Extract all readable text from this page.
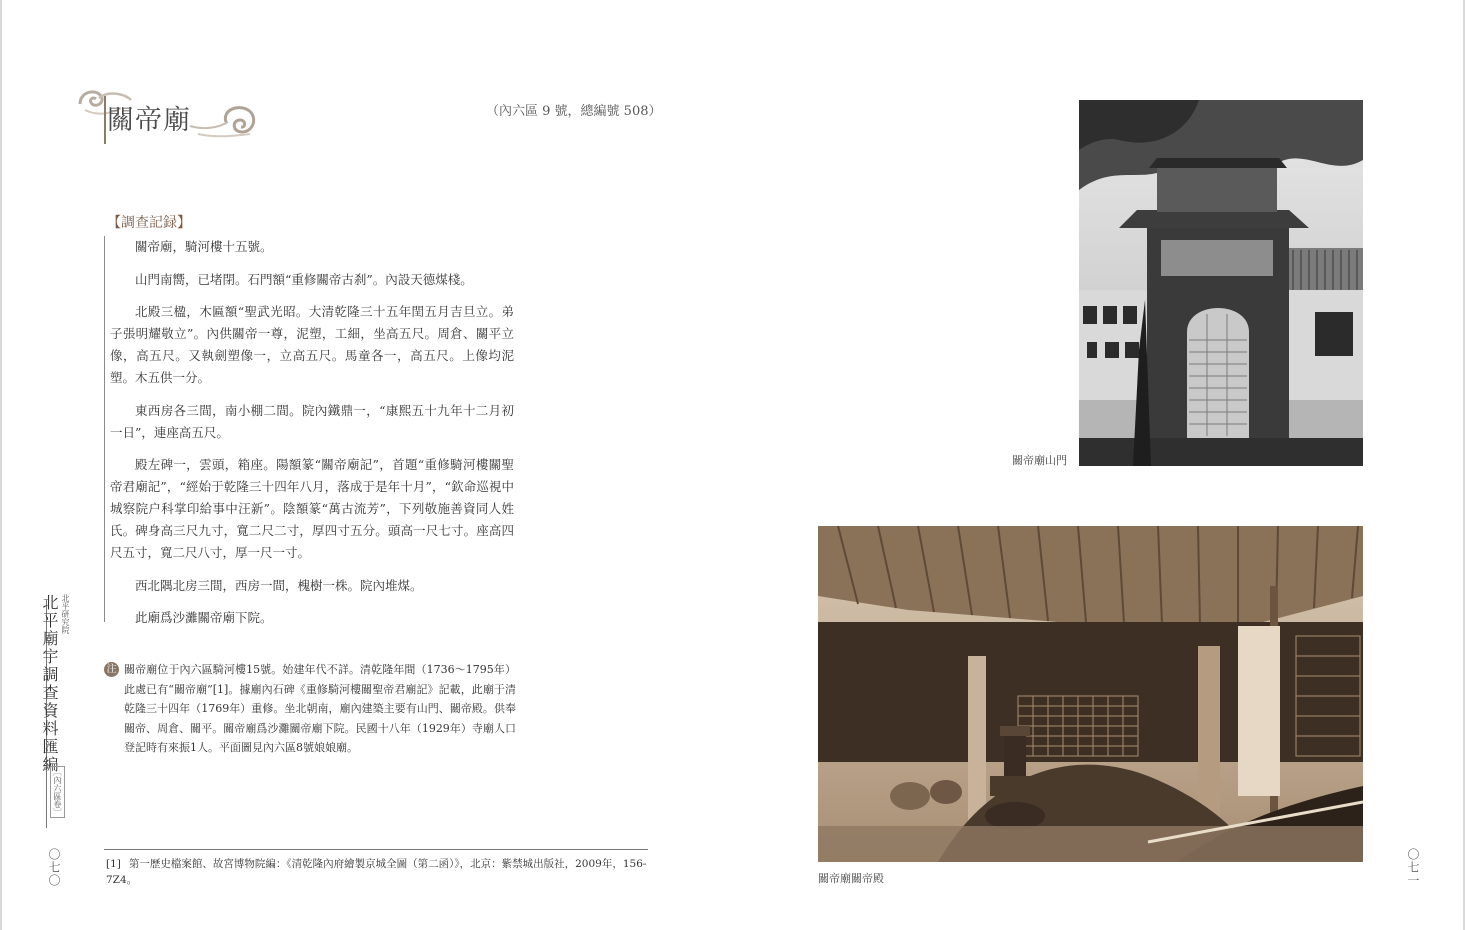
關帝廟	（內六區 9 號，總編號 508）
【調查記録】

關帝廟，騎河樓十五號。

山門南嚮，已堵閉。石門額“重修關帝古刹”。內設天德煤棧。

北殿三楹，木匾額“聖武光昭。大清乾隆三十五年閏五月吉旦立。弟子張明耀敬立”。內供關帝一尊，泥塑，工細，坐高五尺。周倉、關平立像，高五尺。又執劍塑像一，立高五尺。馬童各一，高五尺。上像均泥塑。木五供一分。

東西房各三間，南小棚二間。院內鐵鼎一，“康熙五十九年十二月初一日”，連座高五尺。

殿左碑一，雲頭，箱座。陽額篆“關帝廟記”，首題“重修騎河樓關聖帝君廟記”，“經始于乾隆三十四年八月，落成于是年十月”，“欽命巡視中城察院户科掌印給事中汪新”。陰額篆“萬古流芳”，下列敬施善資同人姓氏。碑身高三尺九寸，寬二尺二寸，厚四寸五分。頭高一尺七寸。座高四尺五寸，寬二尺八寸，厚一尺一寸。

西北隅北房三間，西房一間，槐樹一株。院內堆煤。

此廟爲沙灘關帝廟下院。

北平研究院
北平廟宇調查資料匯編
［內六區卷］
注 關帝廟位于內六區騎河樓15號。始建年代不詳。清乾隆年間（1736～1795年）此處已有“關帝廟”[1]。據廟內石碑《重修騎河樓關聖帝君廟記》記載，此廟于清乾隆三十四年（1769年）重修。坐北朝南，廟內建築主要有山門、關帝殿。供奉關帝、周倉、關平。關帝廟爲沙灘關帝廟下院。民國十八年（1929年）寺廟人口登記時有來振1人。平面圖見內六區8號娘娘廟。
[1] 第一歷史檔案館、故宮博物院編：《清乾隆內府繪製京城全圖（第二函）》，北京：紫禁城出版社，2009年，156-7Z4。
〇七〇
關帝廟山門
關帝廟關帝殿	〇七一
